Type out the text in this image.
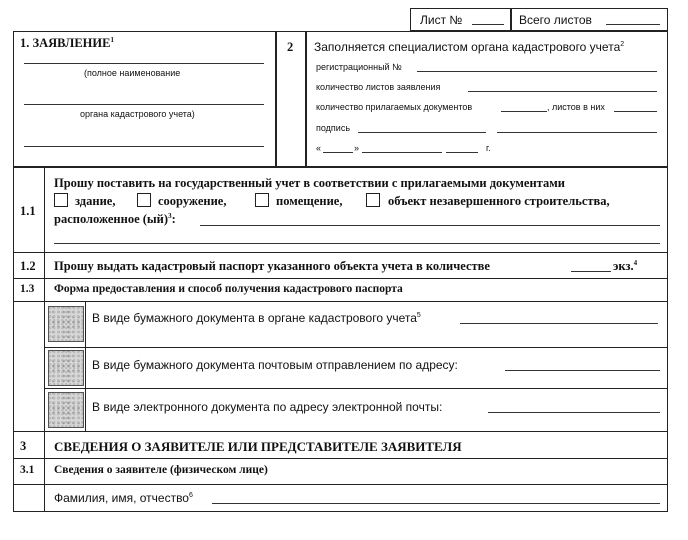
Лист №	Всего листов
1. ЗАЯВЛЕНИЕ$^1$
(полное наименование
органа кадастрового учета)
2 Заполняется специалистом органа кадастрового учета$^2$
регистрационный №
количество листов заявления
количество прилагаемых документов	, листов в них
подпись
«	»	г.
1.1
Прошу поставить на государственный учет в соответствии с прилагаемыми документами
здание,	сооружение,	помещение,	объект незавершенного строительства,
расположенное (ый)$^3$:
1.2 Прошу выдать кадастровый паспорт указанного объекта учета в количестве	экз.$^4$
1.3 Форма предоставления и способ получения кадастрового паспорта
В виде бумажного документа в органе кадастрового учета$^5$
В виде бумажного документа почтовым отправлением по адресу:
В виде электронного документа по адресу электронной почты:
3 СВЕДЕНИЯ О ЗАЯВИТЕЛЕ ИЛИ ПРЕДСТАВИТЕЛЕ ЗАЯВИТЕЛЯ
3.1 Сведения о заявителе (физическом лице)
Фамилия, имя, отчество$^6$
